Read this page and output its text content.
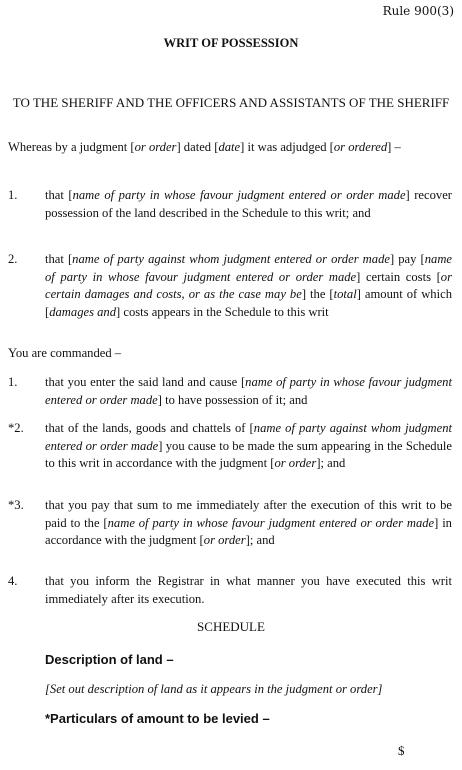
Rule 900(3)
WRIT OF POSSESSION
TO THE SHERIFF AND THE OFFICERS AND ASSISTANTS OF THE SHERIFF
Whereas by a judgment [or order] dated [date] it was adjudged [or ordered] –
1.	that [name of party in whose favour judgment entered or order made] recover possession of the land described in the Schedule to this writ; and
2.	that [name of party against whom judgment entered or order made] pay [name of party in whose favour judgment entered or order made] certain costs [or certain damages and costs, or as the case may be] the [total] amount of which [damages and] costs appears in the Schedule to this writ
You are commanded –
1.	that you enter the said land and cause [name of party in whose favour judgment entered or order made] to have possession of it; and
*2.	that of the lands, goods and chattels of [name of party against whom judgment entered or order made] you cause to be made the sum appearing in the Schedule to this writ in accordance with the judgment [or order]; and
*3.	that you pay that sum to me immediately after the execution of this writ to be paid to the [name of party in whose favour judgment entered or order made] in accordance with the judgment [or order]; and
4.	that you inform the Registrar in what manner you have executed this writ immediately after its execution.
SCHEDULE
Description of land –
[Set out description of land as it appears in the judgment or order]
*Particulars of amount to be levied –
$
